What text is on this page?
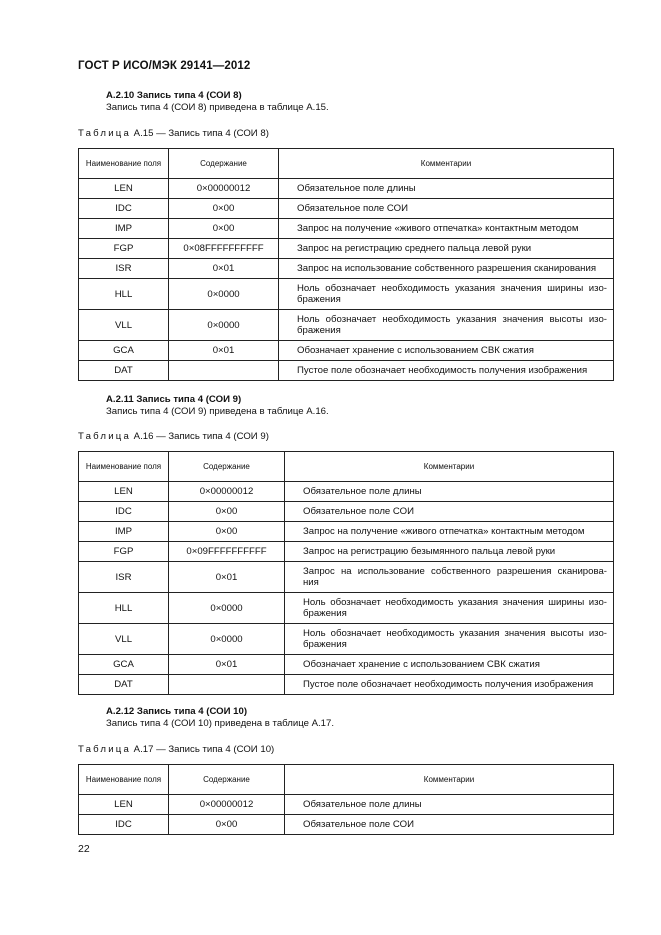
ГОСТ Р ИСО/МЭК 29141—2012
А.2.10 Запись типа 4 (СОИ 8)
Запись типа 4 (СОИ 8) приведена в таблице А.15.
Таблица А.15 — Запись типа 4 (СОИ 8)
Наименование поля	Содержание	Комментарии
LEN	0×00000012	Обязательное поле длины
IDC	0×00	Обязательное поле СОИ
IMP	0×00	Запрос на получение «живого отпечатка» контактным методом
FGP	0×08FFFFFFFFFF	Запрос на регистрацию среднего пальца левой руки
ISR	0×01	Запрос на использование собственного разрешения сканирования
HLL	0×0000	Ноль обозначает необходимость указания значения ширины изо-
бражения

VLL	0×0000	Ноль обозначает необходимость указания значения высоты изо-
бражения

GCA	0×01	Обозначает хранение с использованием СВК сжатия
DAT		Пустое поле обозначает необходимость получения изображения
А.2.11 Запись типа 4 (СОИ 9)
Запись типа 4 (СОИ 9) приведена в таблице А.16.
Таблица А.16 — Запись типа 4 (СОИ 9)
Наименование поля	Содержание	Комментарии
LEN	0×00000012	Обязательное поле длины
IDC	0×00	Обязательное поле СОИ
IMP	0×00	Запрос на получение «живого отпечатка» контактным методом
FGP	0×09FFFFFFFFFF	Запрос на регистрацию безымянного пальца левой руки
ISR	0×01	Запрос на использование собственного разрешения сканирова-
ния

HLL	0×0000	Ноль обозначает необходимость указания значения ширины изо-
бражения

VLL	0×0000	Ноль обозначает необходимость указания значения высоты изо-
бражения

GCA	0×01	Обозначает хранение с использованием СВК сжатия
DAT		Пустое поле обозначает необходимость получения изображения
А.2.12 Запись типа 4 (СОИ 10)
Запись типа 4 (СОИ 10) приведена в таблице А.17.
Таблица А.17 — Запись типа 4 (СОИ 10)
Наименование поля	Содержание	Комментарии
LEN	0×00000012	Обязательное поле длины
IDC	0×00	Обязательное поле СОИ
22
